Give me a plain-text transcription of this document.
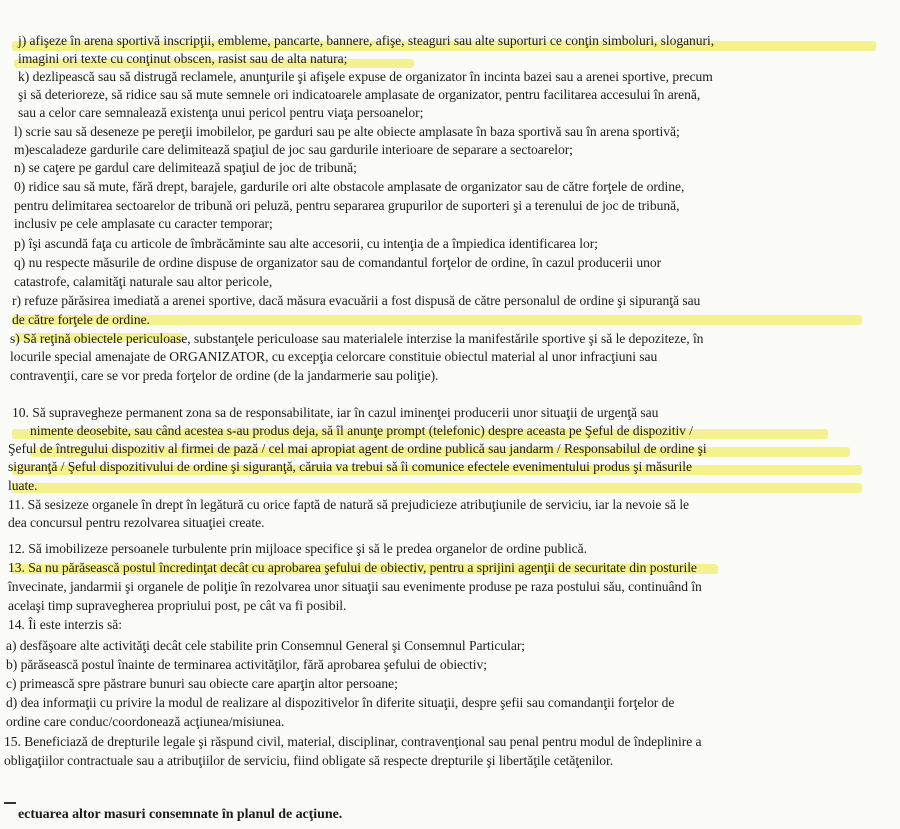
j) afişeze în arena sportivă inscripţii, embleme, pancarte, bannere, afişe, steaguri sau alte suporturi ce conţin simboluri, sloganuri,
imagini ori texte cu conţinut obscen, rasist sau de alta natura;
k) dezlipească sau să distrugă reclamele, anunţurile şi afişele expuse de organizator în incinta bazei sau a arenei sportive, precum
şi să deterioreze, să ridice sau să mute semnele ori indicatoarele amplasate de organizator, pentru facilitarea accesului în arenă,
sau a celor care semnalează existenţa unui pericol pentru viaţa persoanelor;
l) scrie sau să deseneze pe pereţii imobilelor, pe garduri sau pe alte obiecte amplasate în baza sportivă sau în arena sportivă;
m)escaladeze gardurile care delimitează spaţiul de joc sau gardurile interioare de separare a sectoarelor;
n) se caţere pe gardul care delimitează spaţiul de joc de tribună;
0) ridice sau să mute, fără drept, barajele, gardurile ori alte obstacole amplasate de organizator sau de către forţele de ordine,
pentru delimitarea sectoarelor de tribună ori peluză, pentru separarea grupurilor de suporteri şi a terenului de joc de tribună,
inclusiv pe cele amplasate cu caracter temporar;
p) îşi ascundă faţa cu articole de îmbrăcăminte sau alte accesorii, cu intenţia de a împiedica identificarea lor;
q) nu respecte măsurile de ordine dispuse de organizator sau de comandantul forţelor de ordine, în cazul producerii unor
catastrofe, calamităţi naturale sau altor pericole,
r) refuze părăsirea imediată a arenei sportive, dacă măsura evacuării a fost dispusă de către personalul de ordine şi sipuranţă sau
de către forţele de ordine.
s) Să reţină obiectele periculoase, substanţele periculoase sau materialele interzise la manifestările sportive şi să le depoziteze, în
locurile special amenajate de ORGANIZATOR, cu excepţia celorcare constituie obiectul material al unor infracţiuni sau
contravenţii, care se vor preda forţelor de ordine (de la jandarmerie sau poliţie).
10. Să supravegheze permanent zona sa de responsabilitate, iar în cazul iminenţei producerii unor situaţii de urgenţă sau
nimente deosebite, sau când acestea s-au produs deja, să îl anunţe prompt (telefonic) despre aceasta pe Şeful de dispozitiv /
Şeful de întregului dispozitiv al firmei de pază / cel mai apropiat agent de ordine publică sau jandarm / Responsabilul de ordine şi
siguranţă / Şeful dispozitivului de ordine şi siguranţă, căruia va trebui să îi comunice efectele evenimentului produs şi măsurile
luate.
11. Să sesizeze organele în drept în legătură cu orice faptă de natură să prejudicieze atribuţiunile de serviciu, iar la nevoie să le
dea concursul pentru rezolvarea situaţiei create.
12. Să imobilizeze persoanele turbulente prin mijloace specifice şi să le predea organelor de ordine publică.
13. Sa nu părăsească postul încredinţat decât cu aprobarea şefului de obiectiv, pentru a sprijini agenţii de securitate din posturile
învecinate, jandarmii şi organele de poliţie în rezolvarea unor situaţii sau evenimente produse pe raza postului său, continuând în
acelaşi timp supravegherea propriului post, pe cât va fi posibil.
14. Îi este interzis să:
a) desfăşoare alte activităţi decât cele stabilite prin Consemnul General şi Consemnul Particular;
b) părăsească postul înainte de terminarea activităţilor, fără aprobarea şefului de obiectiv;
c) primească spre păstrare bunuri sau obiecte care aparţin altor persoane;
d) dea informaţii cu privire la modul de realizare al dispozitivelor în diferite situaţii, despre şefii sau comandanţii forţelor de
ordine care conduc/coordonează acţiunea/misiunea.
15. Beneficiază de drepturile legale şi răspund civil, material, disciplinar, contravenţional sau penal pentru modul de îndeplinire a
obligaţiilor contractuale sau a atribuţiilor de serviciu, fiind obligate să respecte drepturile şi libertăţile cetăţenilor.
ectuarea altor masuri consemnate în planul de acţiune.
